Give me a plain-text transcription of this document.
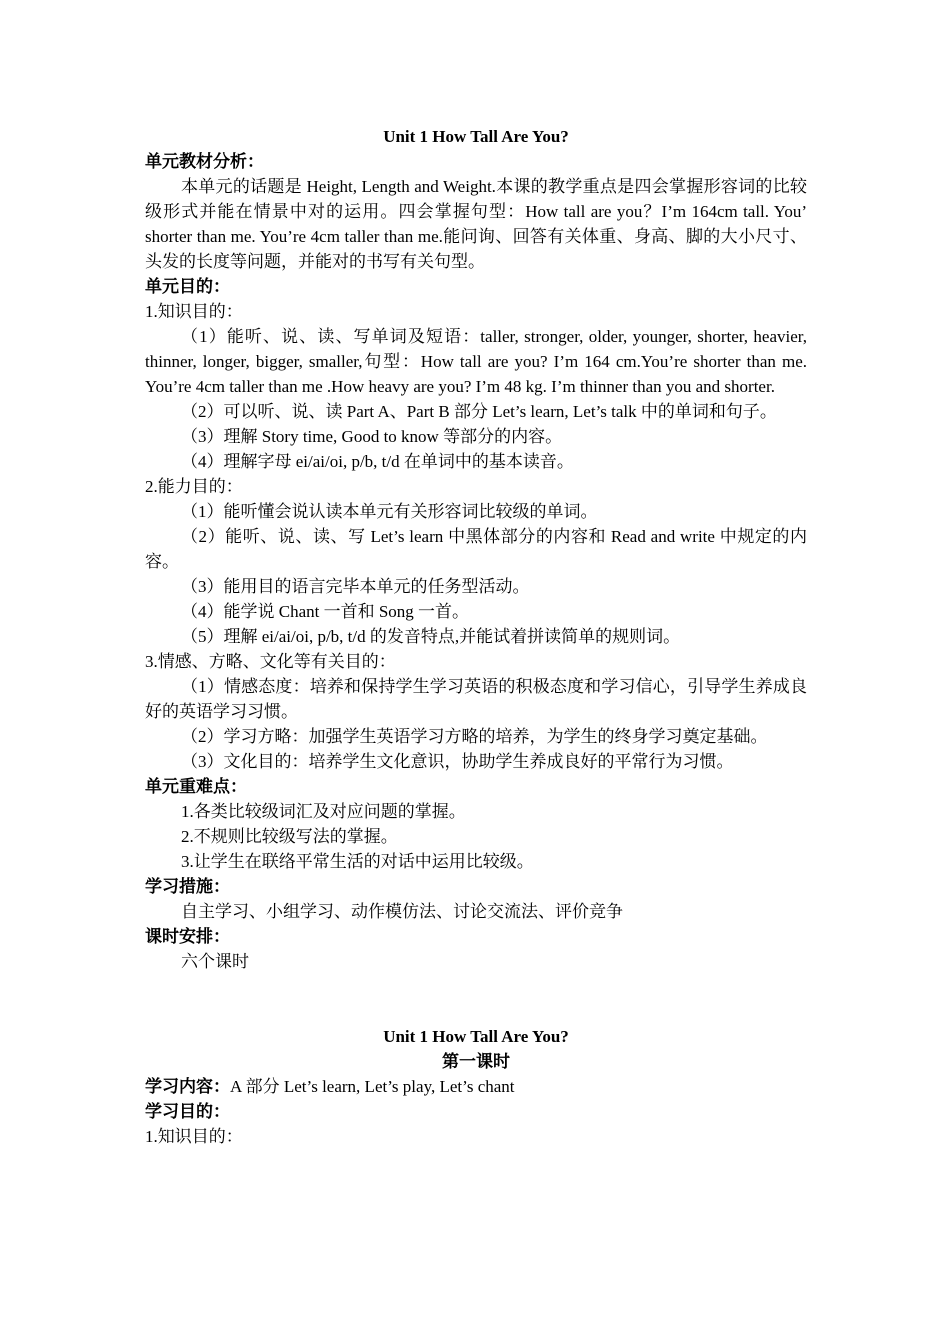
Unit 1 How Tall Are You?

单元教材分析：

本单元的话题是 Height, Length and Weight.本课的教学重点是四会掌握形容词的比较级形式并能在情景中对的运用。四会掌握句型：How tall are you？I’m 164cm tall. You’ shorter than me. You’re 4cm taller than me.能问询、回答有关体重、身高、脚的大小尺寸、头发的长度等问题，并能对的书写有关句型。

单元目的：

1.知识目的：

（1）能听、说、读、写单词及短语：taller, stronger, older, younger, shorter, heavier, thinner, longer, bigger, smaller,句型：How tall are you? I’m 164 cm.You’re shorter than me. You’re 4cm taller than me .How heavy are you? I’m 48 kg. I’m thinner than you and shorter.

（2）可以听、说、读 Part A、Part B 部分 Let’s learn, Let’s talk 中的单词和句子。

（3）理解 Story time, Good to know 等部分的内容。

（4）理解字母 ei/ai/oi, p/b, t/d 在单词中的基本读音。

2.能力目的：

（1）能听懂会说认读本单元有关形容词比较级的单词。

（2）能听、说、读、写 Let’s learn 中黑体部分的内容和 Read and write 中规定的内容。

（3）能用目的语言完毕本单元的任务型活动。

（4）能学说 Chant 一首和 Song 一首。

（5）理解 ei/ai/oi, p/b, t/d 的发音特点,并能试着拼读简单的规则词。

3.情感、方略、文化等有关目的：

（1）情感态度：培养和保持学生学习英语的积极态度和学习信心，引导学生养成良好的英语学习习惯。

（2）学习方略：加强学生英语学习方略的培养，为学生的终身学习奠定基础。

（3）文化目的：培养学生文化意识，协助学生养成良好的平常行为习惯。

单元重难点：

1.各类比较级词汇及对应问题的掌握。

2.不规则比较级写法的掌握。

3.让学生在联络平常生活的对话中运用比较级。

学习措施：

自主学习、小组学习、动作模仿法、讨论交流法、评价竞争

课时安排：

六个课时

Unit 1 How Tall Are You?

第一课时

学习内容：A 部分 Let’s learn, Let’s play, Let’s chant

学习目的：

1.知识目的：
